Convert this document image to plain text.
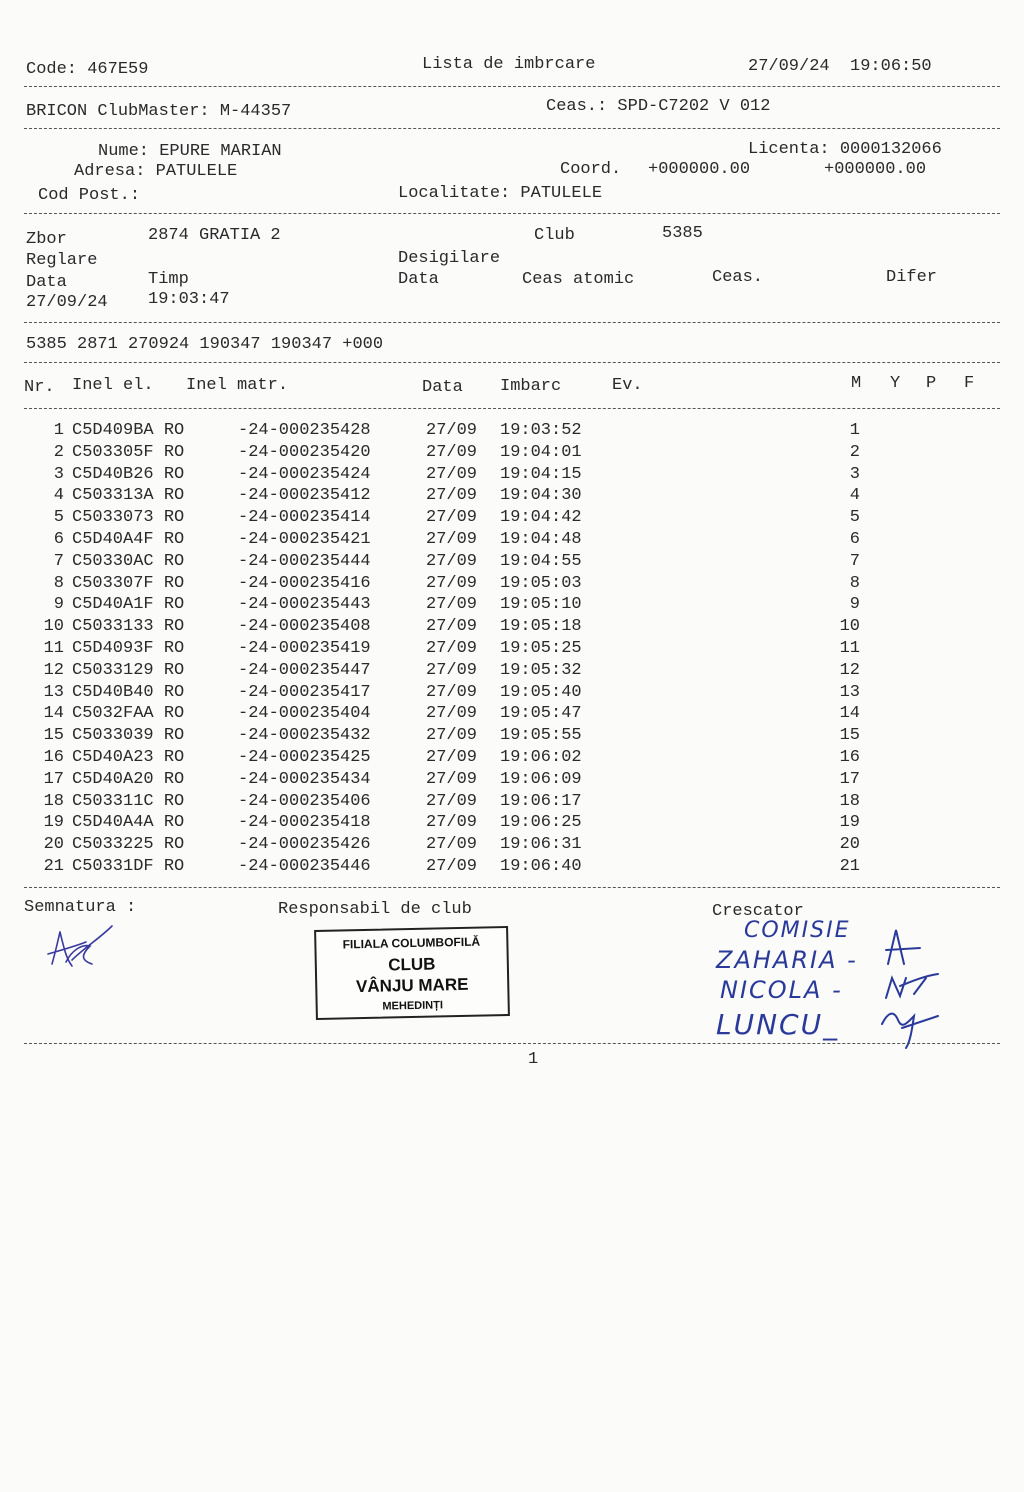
Code: 467E59	Lista de imbrcare	27/09/24  19:06:50
BRICON ClubMaster: M-44357	Ceas.: SPD-C7202 V 012
Nume: EPURE MARIAN	Licenta: 0000132066
Adresa: PATULELE	Coord. +000000.00	+000000.00
Cod Post.:	Localitate: PATULELE
Zbor	2874 GRATIA 2	Club	5385
Reglare	Desigilare
Data	Timp	Data	Ceas atomic	Ceas.	Difer
27/09/24 19:03:47
5385 2871 270924 190347 190347 +000
Nr. Inel el. Inel matr.	Data Imbarc	Ev.	M Y P F
1 C5D409BA RO	-24-000235428	27/09 19:03:52	1
2 C503305F RO	-24-000235420	27/09 19:04:01	2
3 C5D40B26 RO	-24-000235424	27/09 19:04:15	3
4 C503313A RO	-24-000235412	27/09 19:04:30	4
5 C5033073 RO	-24-000235414	27/09 19:04:42	5
6 C5D40A4F RO	-24-000235421	27/09 19:04:48	6
7 C50330AC RO	-24-000235444	27/09 19:04:55	7
8 C503307F RO	-24-000235416	27/09 19:05:03	8
9 C5D40A1F RO	-24-000235443	27/09 19:05:10	9
10 C5033133 RO	-24-000235408	27/09 19:05:18	10
11 C5D4093F RO	-24-000235419	27/09 19:05:25	11
12 C5033129 RO	-24-000235447	27/09 19:05:32	12
13 C5D40B40 RO	-24-000235417	27/09 19:05:40	13
14 C5032FAA RO	-24-000235404	27/09 19:05:47	14
15 C5033039 RO	-24-000235432	27/09 19:05:55	15
16 C5D40A23 RO	-24-000235425	27/09 19:06:02	16
17 C5D40A20 RO	-24-000235434	27/09 19:06:09	17
18 C503311C RO	-24-000235406	27/09 19:06:17	18
19 C5D40A4A RO	-24-000235418	27/09 19:06:25	19
20 C5033225 RO	-24-000235426	27/09 19:06:31	20
21 C50331DF RO	-24-000235446	27/09 19:06:40	21
Semnatura :	Responsabil de club	Crescator
FILIALA COLUMBOFILĂ
CLUB
VÂNJU MARE
MEHEDINȚI
COMISIE
ZAHARIA -
NICOLA -
LUNCU_
1
